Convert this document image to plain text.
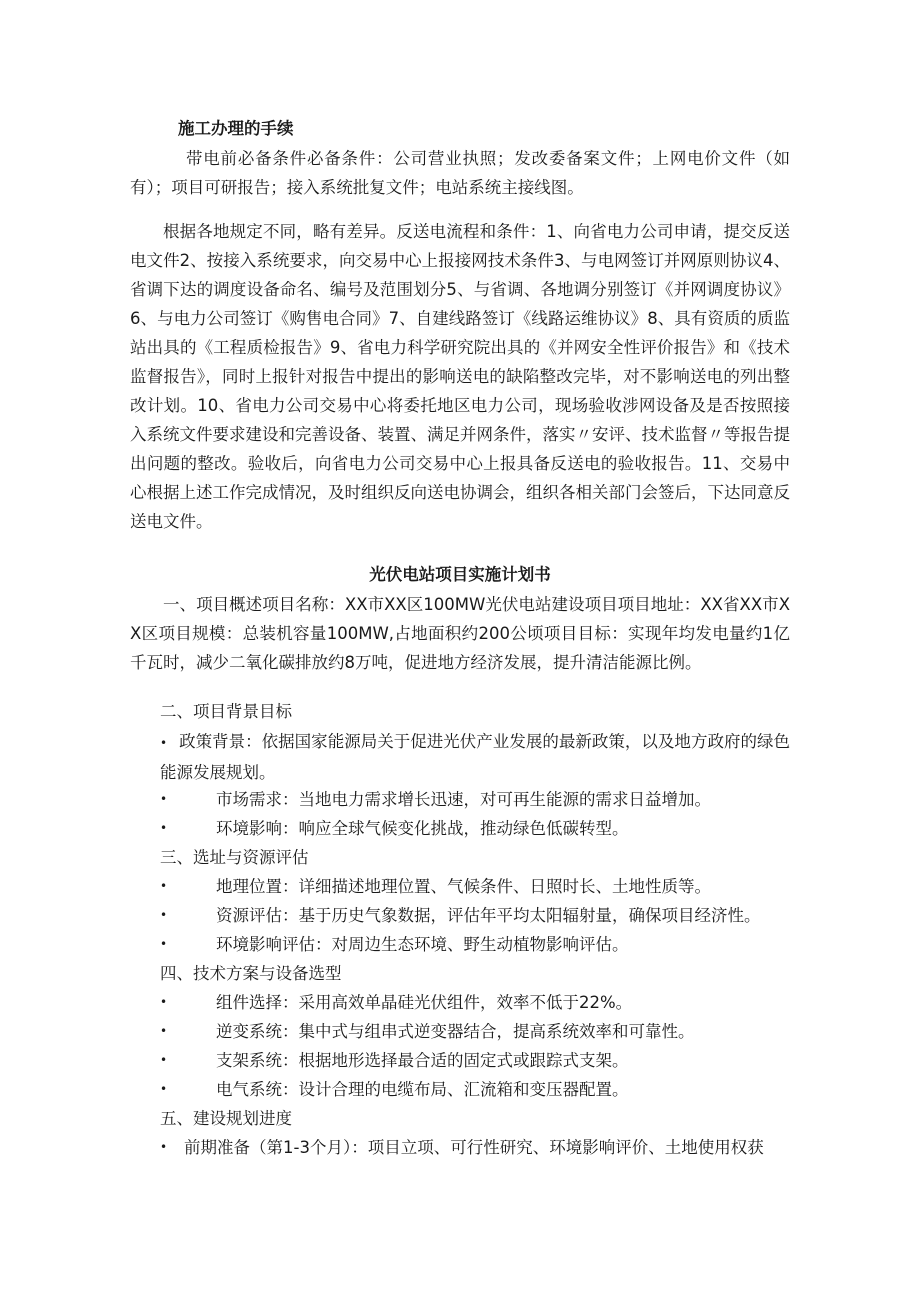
施工办理的手续
带电前必备条件必备条件：公司营业执照；发改委备案文件；上网电价文件（如有）；项目可研报告；接入系统批复文件；电站系统主接线图。
根据各地规定不同，略有差异。反送电流程和条件：1、向省电力公司申请，提交反送电文件2、按接入系统要求，向交易中心上报接网技术条件3、与电网签订并网原则协议4、省调下达的调度设备命名、编号及范围划分5、与省调、各地调分别签订《并网调度协议》6、与电力公司签订《购售电合同》7、自建线路签订《线路运维协议》8、具有资质的质监站出具的《工程质检报告》9、省电力科学研究院出具的《并网安全性评价报告》和《技术监督报告》，同时上报针对报告中提出的影响送电的缺陷整改完毕，对不影响送电的列出整改计划。10、省电力公司交易中心将委托地区电力公司，现场验收涉网设备及是否按照接入系统文件要求建设和完善设备、装置、满足并网条件，落实〃安评、技术监督〃等报告提出问题的整改。验收后，向省电力公司交易中心上报具备反送电的验收报告。11、交易中心根据上述工作完成情况，及时组织反向送电协调会，组织各相关部门会签后，下达同意反送电文件。
光伏电站项目实施计划书
一、项目概述项目名称：XX市XX区100MW光伏电站建设项目项目地址：XX省XX市XX区项目规模：总装机容量100MW,占地面积约200公顷项目目标：实现年均发电量约1亿千瓦时，减少二氧化碳排放约8万吨，促进地方经济发展，提升清洁能源比例。
二、项目背景目标
• 政策背景：依据国家能源局关于促进光伏产业发展的最新政策，以及地方政府的绿色能源发展规划。
•	市场需求：当地电力需求增长迅速，对可再生能源的需求日益增加。
•	环境影响：响应全球气候变化挑战，推动绿色低碳转型。
三、选址与资源评估
•	地理位置：详细描述地理位置、气候条件、日照时长、土地性质等。
•	资源评估：基于历史气象数据，评估年平均太阳辐射量，确保项目经济性。
•	环境影响评估：对周边生态环境、野生动植物影响评估。
四、技术方案与设备选型
•	组件选择：采用高效单晶硅光伏组件，效率不低于22%。
•	逆变系统：集中式与组串式逆变器结合，提高系统效率和可靠性。
•	支架系统：根据地形选择最合适的固定式或跟踪式支架。
•	电气系统：设计合理的电缆布局、汇流箱和变压器配置。
五、建设规划进度
• 前期准备（第1-3个月）：项目立项、可行性研究、环境影响评价、土地使用权获
